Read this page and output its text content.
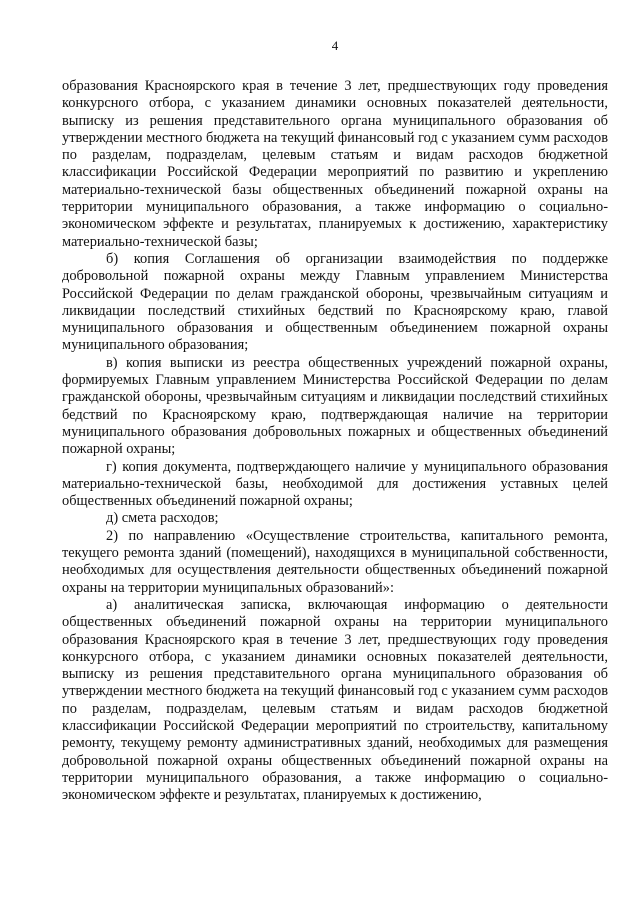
4

образования Красноярского края в течение 3 лет, предшествующих году проведения конкурсного отбора, с указанием динамики основных показателей деятельности, выписку из решения представительного органа муниципального образования об утверждении местного бюджета на текущий финансовый год с указанием сумм расходов по разделам, подразделам, целевым статьям и видам расходов бюджетной классификации Российской Федерации мероприятий по развитию и укреплению материально-технической базы общественных объединений пожарной охраны на территории муниципального образования, а также информацию о социально-экономическом эффекте и результатах, планируемых к достижению, характеристику материально-технической базы;

б) копия Соглашения об организации взаимодействия по поддержке добровольной пожарной охраны между Главным управлением Министерства Российской Федерации по делам гражданской обороны, чрезвычайным ситуациям и ликвидации последствий стихийных бедствий по Красноярскому краю, главой муниципального образования и общественным объединением пожарной охраны муниципального образования;

в) копия выписки из реестра общественных учреждений пожарной охраны, формируемых Главным управлением Министерства Российской Федерации по делам гражданской обороны, чрезвычайным ситуациям и ликвидации последствий стихийных бедствий по Красноярскому краю, подтверждающая наличие на территории муниципального образования добровольных пожарных и общественных объединений пожарной охраны;

г) копия документа, подтверждающего наличие у муниципального образования материально-технической базы, необходимой для достижения уставных целей общественных объединений пожарной охраны;

д) смета расходов;

2) по направлению «Осуществление строительства, капитального ремонта, текущего ремонта зданий (помещений), находящихся в муниципальной собственности, необходимых для осуществления деятельности общественных объединений пожарной охраны на территории муниципальных образований»:

а) аналитическая записка, включающая информацию о деятельности общественных объединений пожарной охраны на территории муниципального образования Красноярского края в течение 3 лет, предшествующих году проведения конкурсного отбора, с указанием динамики основных показателей деятельности, выписку из решения представительного органа муниципального образования об утверждении местного бюджета на текущий финансовый год с указанием сумм расходов по разделам, подразделам, целевым статьям и видам расходов бюджетной классификации Российской Федерации мероприятий по строительству, капитальному ремонту, текущему ремонту административных зданий, необходимых для размещения добровольной пожарной охраны общественных объединений пожарной охраны на территории муниципального образования, а также информацию о социально-экономическом эффекте и результатах, планируемых к достижению,
